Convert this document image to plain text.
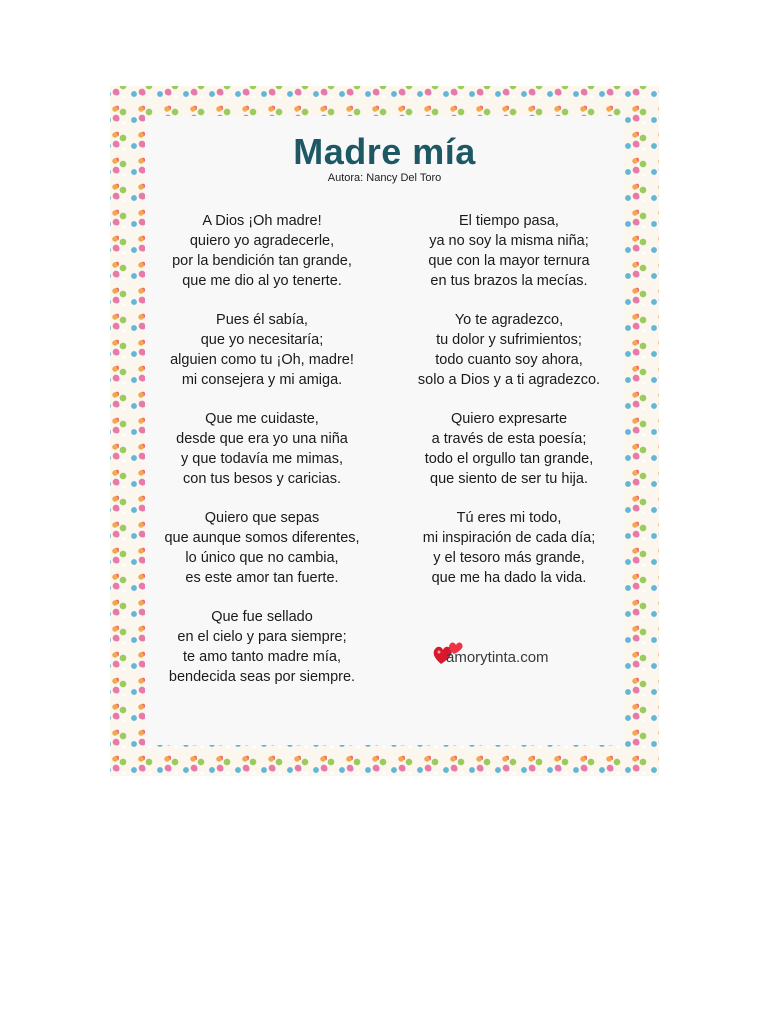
Madre mía
Autora: Nancy Del Toro
A Dios ¡Oh madre!
quiero yo agradecerle,
por la bendición tan grande,
que me dio al yo tenerte.
Pues él sabía,
que yo necesitaría;
alguien como tu ¡Oh, madre!
mi consejera y mi amiga.
Que me cuidaste,
desde que era yo una niña
y que todavía me mimas,
con tus besos y caricias.
Quiero que sepas
que aunque somos diferentes,
lo único que no cambia,
es este amor tan fuerte.
Que fue sellado
en el cielo y para siempre;
te amo tanto madre mía,
bendecida seas por siempre.
El tiempo pasa,
ya no soy la misma niña;
que con la mayor ternura
en tus brazos la mecías.
Yo te agradezco,
tu dolor y sufrimientos;
todo cuanto soy ahora,
solo a Dios y a ti agradezco.
Quiero expresarte
a través de esta poesía;
todo el orgullo tan grande,
que siento de ser tu hija.
Tú eres mi todo,
mi inspiración de cada día;
y el tesoro más grande,
que me ha dado la vida.
amorytinta.com
